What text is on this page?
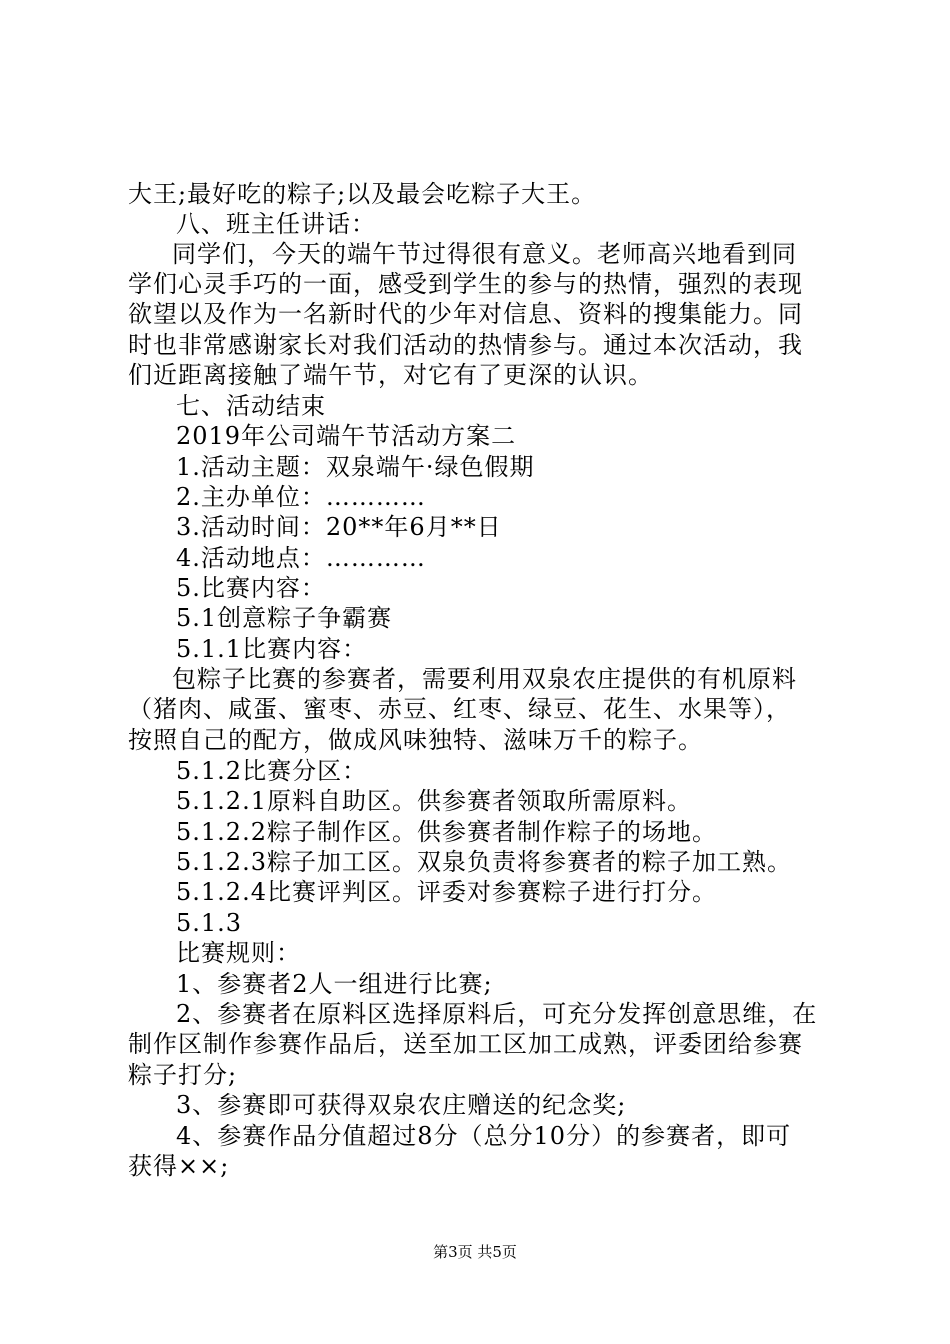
大王;最好吃的粽子;以及最会吃粽子大王。
八、班主任讲话：
同学们，今天的端午节过得很有意义。老师高兴地看到同
学们心灵手巧的一面，感受到学生的参与的热情，强烈的表现
欲望以及作为一名新时代的少年对信息、资料的搜集能力。同
时也非常感谢家长对我们活动的热情参与。通过本次活动，我
们近距离接触了端午节，对它有了更深的认识。
七、活动结束
2019年公司端午节活动方案二
1.活动主题：双泉端午·绿色假期
2.主办单位：…………
3.活动时间：20**年6月**日
4.活动地点：…………
5.比赛内容：
5.1创意粽子争霸赛
5.1.1比赛内容：
包粽子比赛的参赛者，需要利用双泉农庄提供的有机原料
（猪肉、咸蛋、蜜枣、赤豆、红枣、绿豆、花生、水果等），
按照自己的配方，做成风味独特、滋味万千的粽子。
5.1.2比赛分区：
5.1.2.1原料自助区。供参赛者领取所需原料。
5.1.2.2粽子制作区。供参赛者制作粽子的场地。
5.1.2.3粽子加工区。双泉负责将参赛者的粽子加工熟。
5.1.2.4比赛评判区。评委对参赛粽子进行打分。
5.1.3
比赛规则：
1、参赛者2人一组进行比赛;
2、参赛者在原料区选择原料后，可充分发挥创意思维，在
制作区制作参赛作品后，送至加工区加工成熟，评委团给参赛
粽子打分;
3、参赛即可获得双泉农庄赠送的纪念奖;
4、参赛作品分值超过8分（总分10分）的参赛者，即可
获得××;
第3页 共5页
